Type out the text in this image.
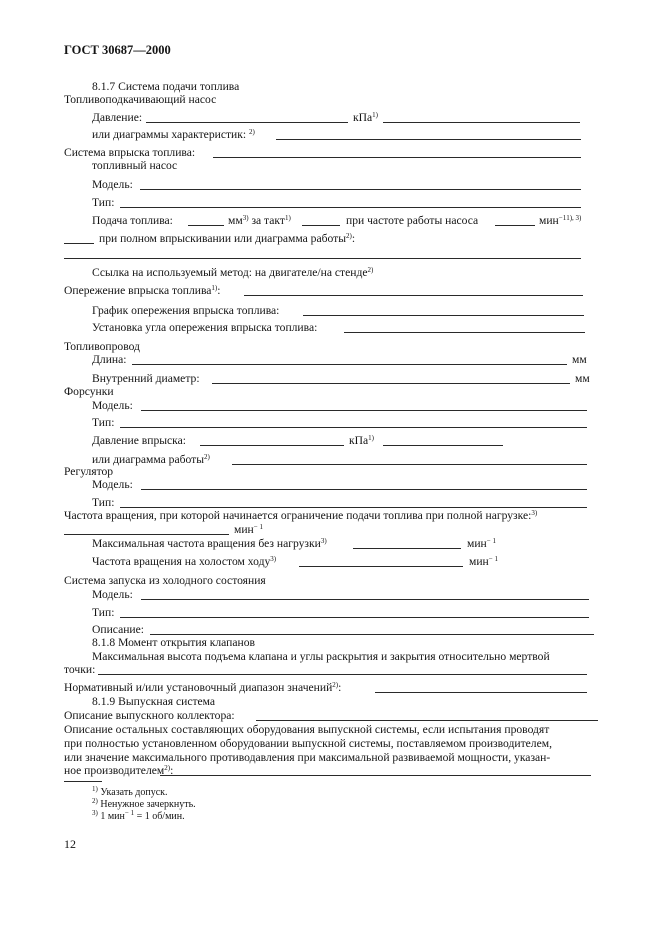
ГОСТ 30687—2000
8.1.7 Система подачи топлива
Топливоподкачивающий насос
Давление:	кПа$^{1)}$
или диаграммы характеристик: $^{2)}$
Система впрыска топлива:
топливный насос
Модель:
Тип:
Подача топлива:	$мм^{3)}$ за такт$^{1)}$	при частоте работы насоса	мин$^{-11), 3)}$
при полном впрыскивании или диаграмма работы$^{2)}$:
Ссылка на используемый метод: на двигателе/на стенде$^{2)}$
Опережение впрыска топлива$^{1)}$:
График опережения впрыска топлива:
Установка угла опережения впрыска топлива:
Топливопровод
Длина:	мм
Внутренний диаметр:	мм
Форсунки
Модель:
Тип:
Давление впрыска:	кПа$^{1)}$
или диаграмма работы$^{2)}$
Регулятор
Модель:
Тип:
Частота вращения, при которой начинается ограничение подачи топлива при полной нагрузке:$^{3)}$
мин$^{- 1}$
Максимальная частота вращения без нагрузки$^{3)}$	мин$^{- 1}$
Частота вращения на холостом ходу$^{3)}$	мин$^{- 1}$
Система запуска из холодного состояния
Модель:
Тип:
Описание:
8.1.8 Момент открытия клапанов
Максимальная высота подъема клапана и углы раскрытия и закрытия относительно мертвой
точки:
Нормативный и/или установочный диапазон значений$^{2)}$:
8.1.9 Выпускная система
Описание выпускного коллектора:
Описание остальных составляющих оборудования выпускной системы, если испытания проводят
при полностью установленном оборудовании выпускной системы, поставляемом производителем,
или значение максимального противодавления при максимальной развиваемой мощности, указан-
ное производителем$^{2)}$:
$^{1)}$ Указать допуск.
$^{2)}$ Ненужное зачеркнуть.
$^{3)}$ 1 мин$^{- 1}$ = 1 об/мин.
12
